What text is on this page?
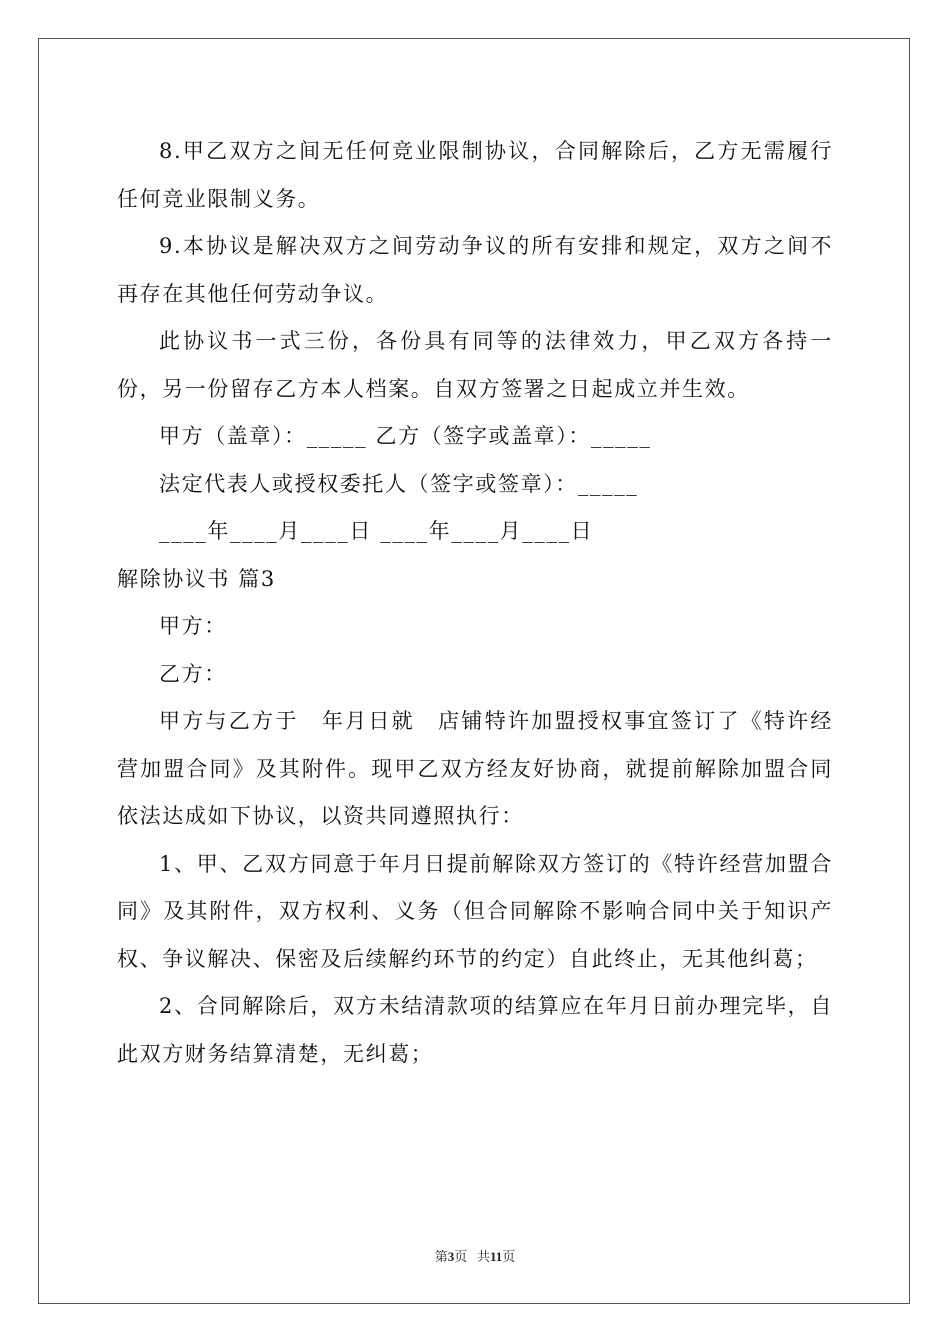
8.甲乙双方之间无任何竞业限制协议，合同解除后，乙方无需履行任何竞业限制义务。

9.本协议是解决双方之间劳动争议的所有安排和规定，双方之间不再存在其他任何劳动争议。

此协议书一式三份，各份具有同等的法律效力，甲乙双方各持一份，另一份留存乙方本人档案。自双方签署之日起成立并生效。

甲方（盖章）：_____ 乙方（签字或盖章）：_____

法定代表人或授权委托人（签字或签章）：_____

____年____月____日 ____年____月____日

解除协议书 篇3

甲方：

乙方：

甲方与乙方于　年月日就　店铺特许加盟授权事宜签订了《特许经营加盟合同》及其附件。现甲乙双方经友好协商，就提前解除加盟合同依法达成如下协议，以资共同遵照执行：

1、甲、乙双方同意于年月日提前解除双方签订的《特许经营加盟合同》及其附件，双方权利、义务（但合同解除不影响合同中关于知识产权、争议解决、保密及后续解约环节的约定）自此终止，无其他纠葛；

2、合同解除后，双方未结清款项的结算应在年月日前办理完毕，自此双方财务结算清楚，无纠葛；

第3页 共11页
